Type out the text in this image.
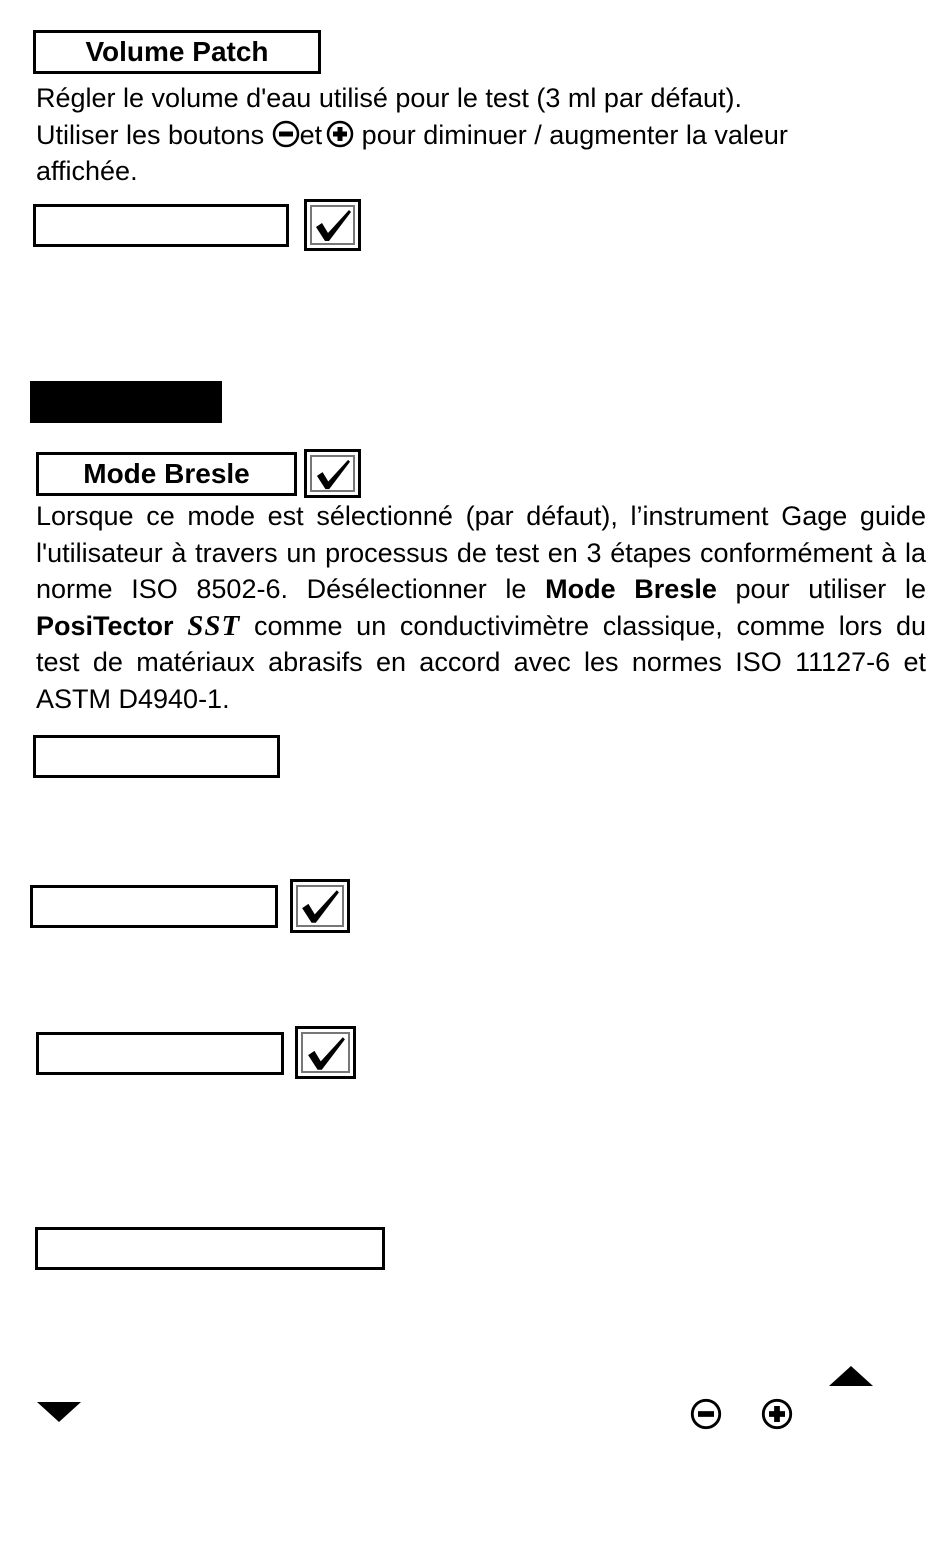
Volume Patch

Régler le volume d'eau utilisé pour le test (3 ml par défaut).
Utiliser les boutons et pour diminuer / augmenter la valeur
affichée.

Mode Bresle

Lorsque ce mode est sélectionné (par défaut), l’instrument Gage guide l'utilisateur à travers un processus de test en 3 étapes conformément à la norme ISO 8502-6. Désélectionner le Mode Bresle pour utiliser le PosiTector SST comme un conductivimètre classique, comme lors du test de matériaux abrasifs en accord avec les normes ISO 11127-6 et ASTM D4940-1.
